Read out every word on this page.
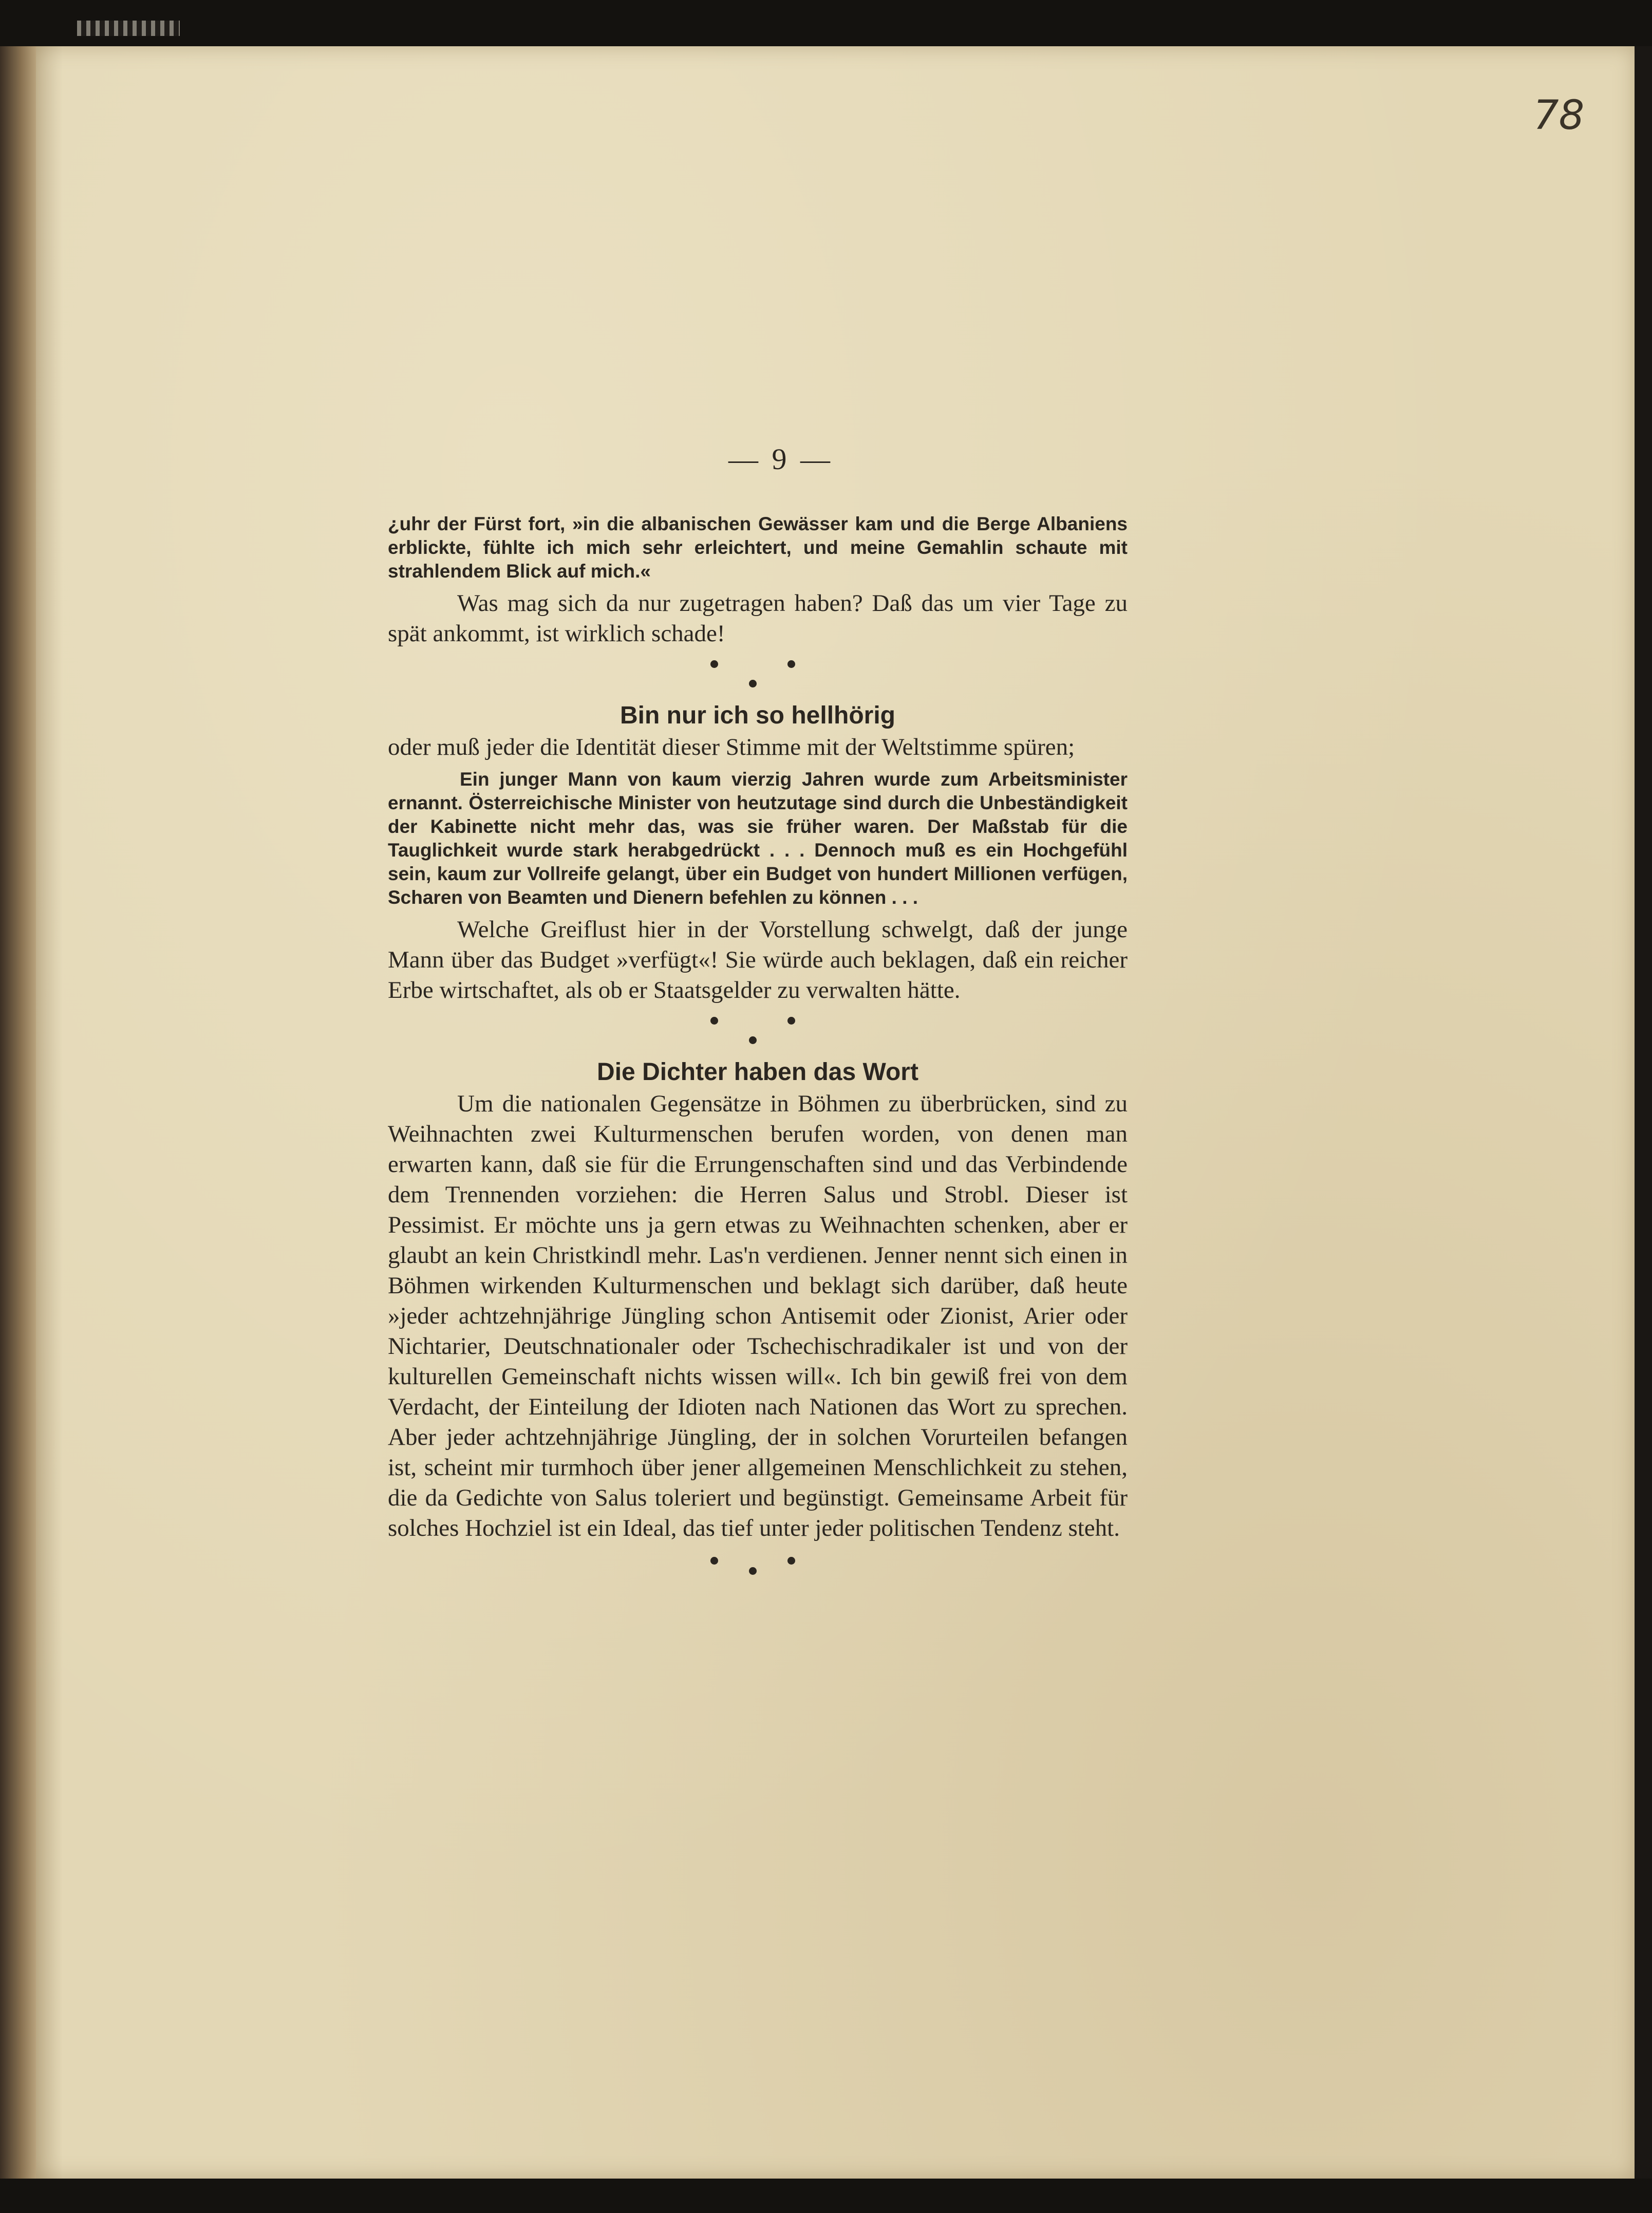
78
— 9 —

¿uhr der Fürst fort, »in die albanischen Gewässer kam und die Berge Albaniens erblickte, fühlte ich mich sehr erleichtert, und meine Gemahlin schaute mit strahlendem Blick auf mich.«

Was mag sich da nur zugetragen haben? Daß das um vier Tage zu spät ankommt, ist wirklich schade!

Bin nur ich so hellhörig

oder muß jeder die Identität dieser Stimme mit der Weltstimme spüren;

Ein junger Mann von kaum vierzig Jahren wurde zum Arbeitsminister ernannt. Österreichische Minister von heutzutage sind durch die Unbeständigkeit der Kabinette nicht mehr das, was sie früher waren. Der Maßstab für die Tauglichkeit wurde stark herabgedrückt . . . Dennoch muß es ein Hochgefühl sein, kaum zur Vollreife gelangt, über ein Budget von hundert Millionen verfügen, Scharen von Beamten und Dienern befehlen zu können . . .

Welche Greiflust hier in der Vorstellung schwelgt, daß der junge Mann über das Budget »verfügt«! Sie würde auch beklagen, daß ein reicher Erbe wirtschaftet, als ob er Staatsgelder zu verwalten hätte.

Die Dichter haben das Wort

Um die nationalen Gegensätze in Böhmen zu überbrücken, sind zu Weihnachten zwei Kulturmenschen berufen worden, von denen man erwarten kann, daß sie für die Errungenschaften sind und das Verbindende dem Trennenden vorziehen: die Herren Salus und Strobl. Dieser ist Pessimist. Er möchte uns ja gern etwas zu Weihnachten schenken, aber er glaubt an kein Christkindl mehr. Las'n verdienen. Jenner nennt sich einen in Böhmen wirkenden Kulturmenschen und beklagt sich darüber, daß heute »jeder achtzehnjährige Jüngling schon Antisemit oder Zionist, Arier oder Nichtarier, Deutschnationaler oder Tschechischradikaler ist und von der kulturellen Gemeinschaft nichts wissen will«. Ich bin gewiß frei von dem Verdacht, der Einteilung der Idioten nach Nationen das Wort zu sprechen. Aber jeder achtzehnjährige Jüngling, der in solchen Vorurteilen befangen ist, scheint mir turmhoch über jener allgemeinen Menschlichkeit zu stehen, die da Gedichte von Salus toleriert und begünstigt. Gemeinsame Arbeit für solches Hochziel ist ein Ideal, das tief unter jeder politischen Tendenz steht.
